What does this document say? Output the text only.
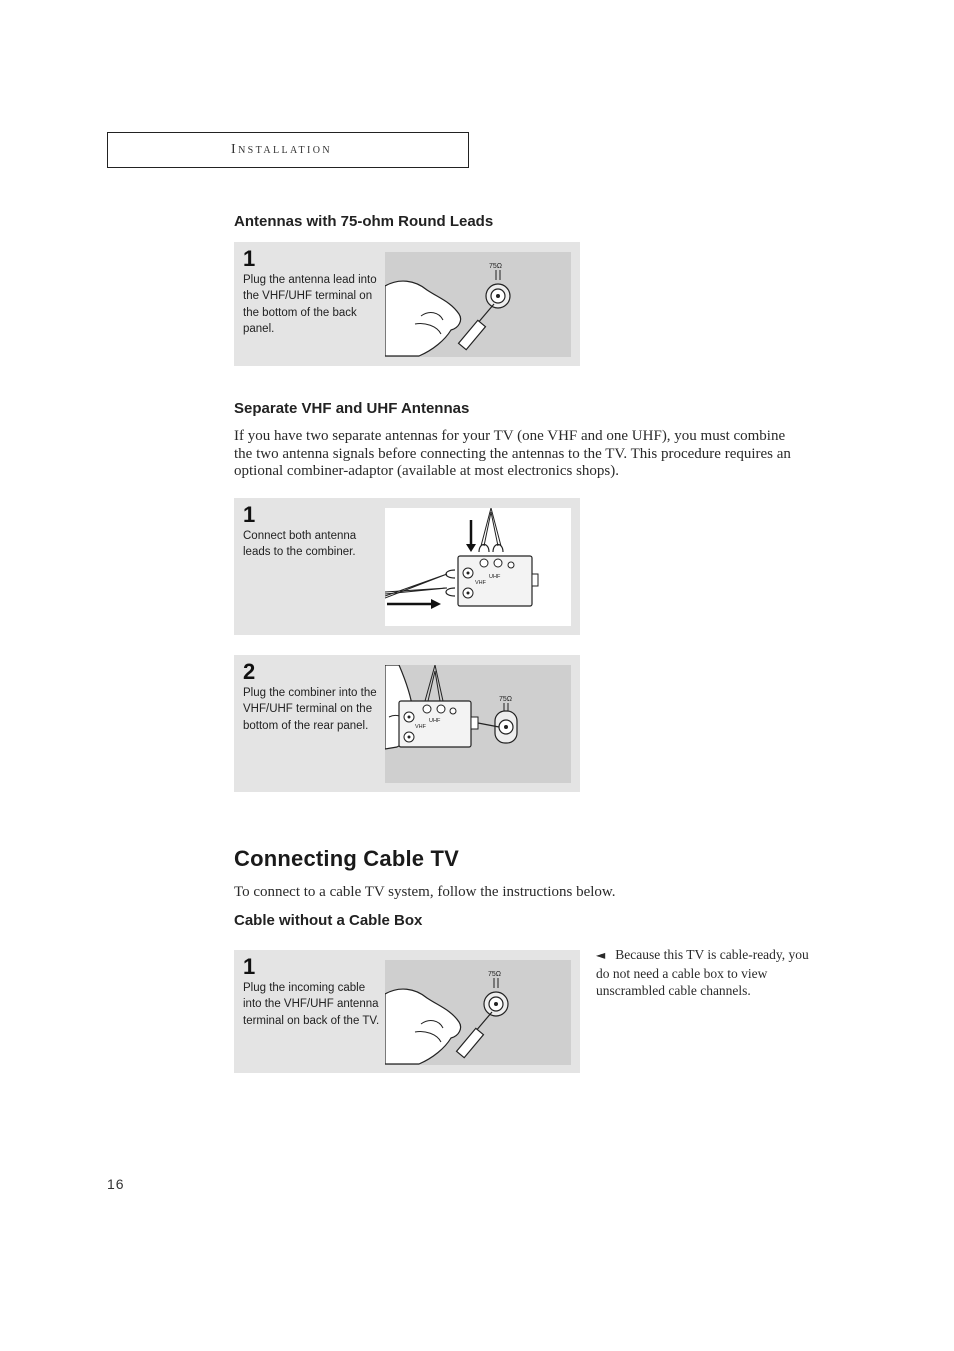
Installation
Antennas with 75-ohm Round Leads
1
Plug the antenna lead into the VHF/UHF terminal on the bottom of the back panel.
75Ω
Separate VHF and UHF Antennas
If you have two separate antennas for your TV (one VHF and one UHF), you must combine the two antenna signals before connecting the antennas to the TV. This procedure requires an optional combiner-adaptor (available at most electronics shops).
1
Connect both antenna leads to the combiner.
VHF
UHF
2
Plug the combiner into the VHF/UHF terminal on the bottom of the rear panel.	VHF
UHF
75Ω
Connecting Cable TV
To connect to a cable TV system, follow the instructions below.
Cable without a Cable Box
1
Plug the incoming cable into the VHF/UHF antenna terminal on back of the TV.
75Ω
◄ Because this TV is cable-ready, you do not need a cable box to view unscrambled cable channels.
16
